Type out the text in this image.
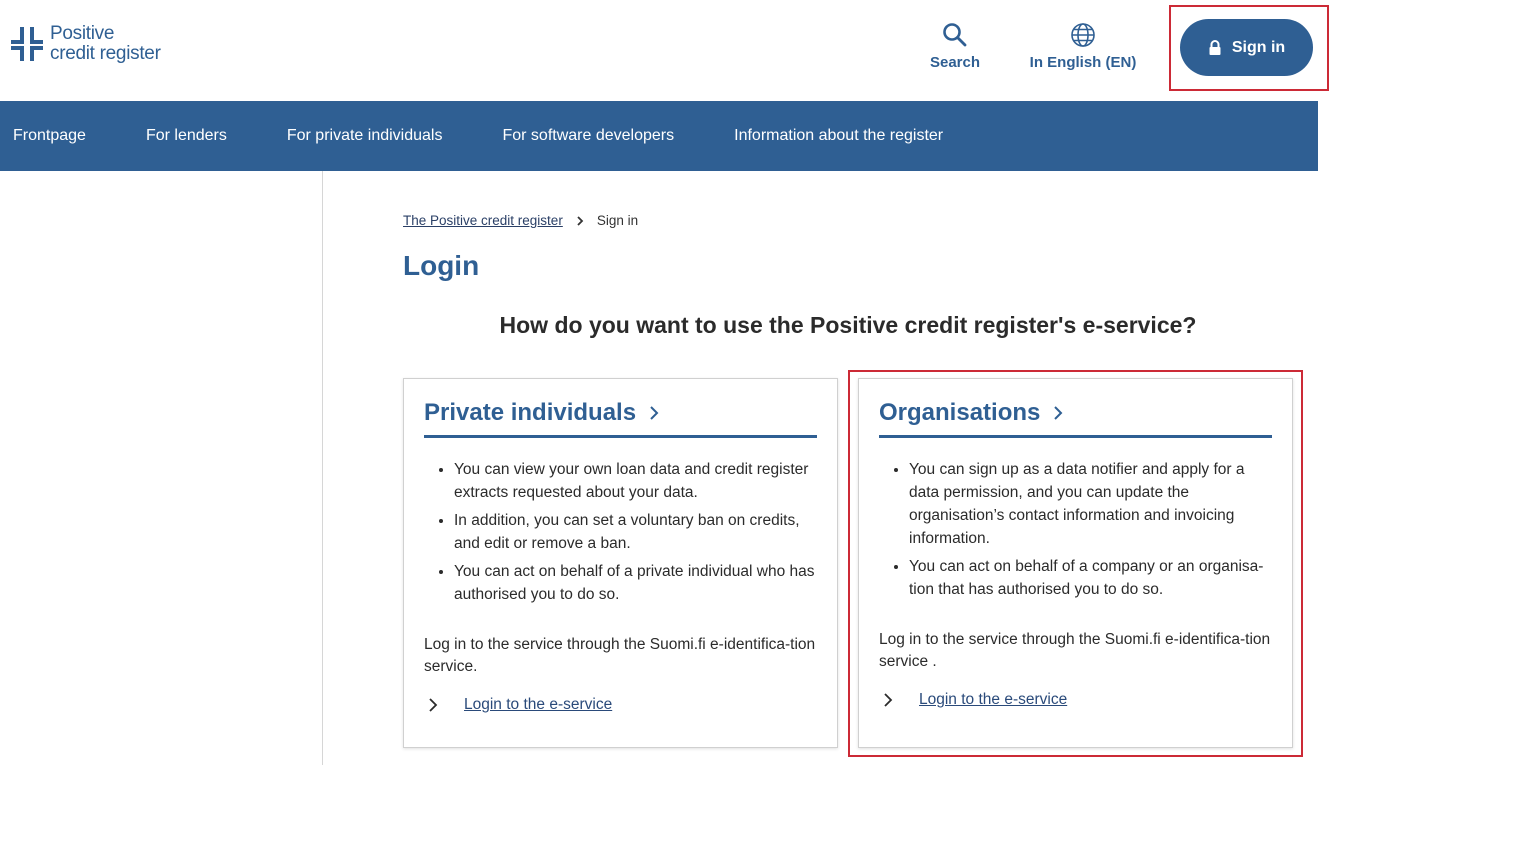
Positive
credit register	Search	In English (EN)
Sign in
Frontpage	For lenders	For private individuals	For software developers	Information about the register
The Positive credit register	Sign in
Login
How do you want to use the Positive credit register's e-service?
Private individuals
• You can view your own loan data and credit register extracts requested about your data.
• In addition, you can set a voluntary ban on credits, and edit or remove a ban.
• You can act on behalf of a private individual who has authorised you to do so.

Log in to the service through the Suomi.fi e-identifica-tion service.

Login to the e-service
Organisations
• You can sign up as a data notifier and apply for a data permission, and you can update the organisation’s contact information and invoicing information.
• You can act on behalf of a company or an organisa-tion that has authorised you to do so.

Log in to the service through the Suomi.fi e-identifica-tion service .

Login to the e-service
